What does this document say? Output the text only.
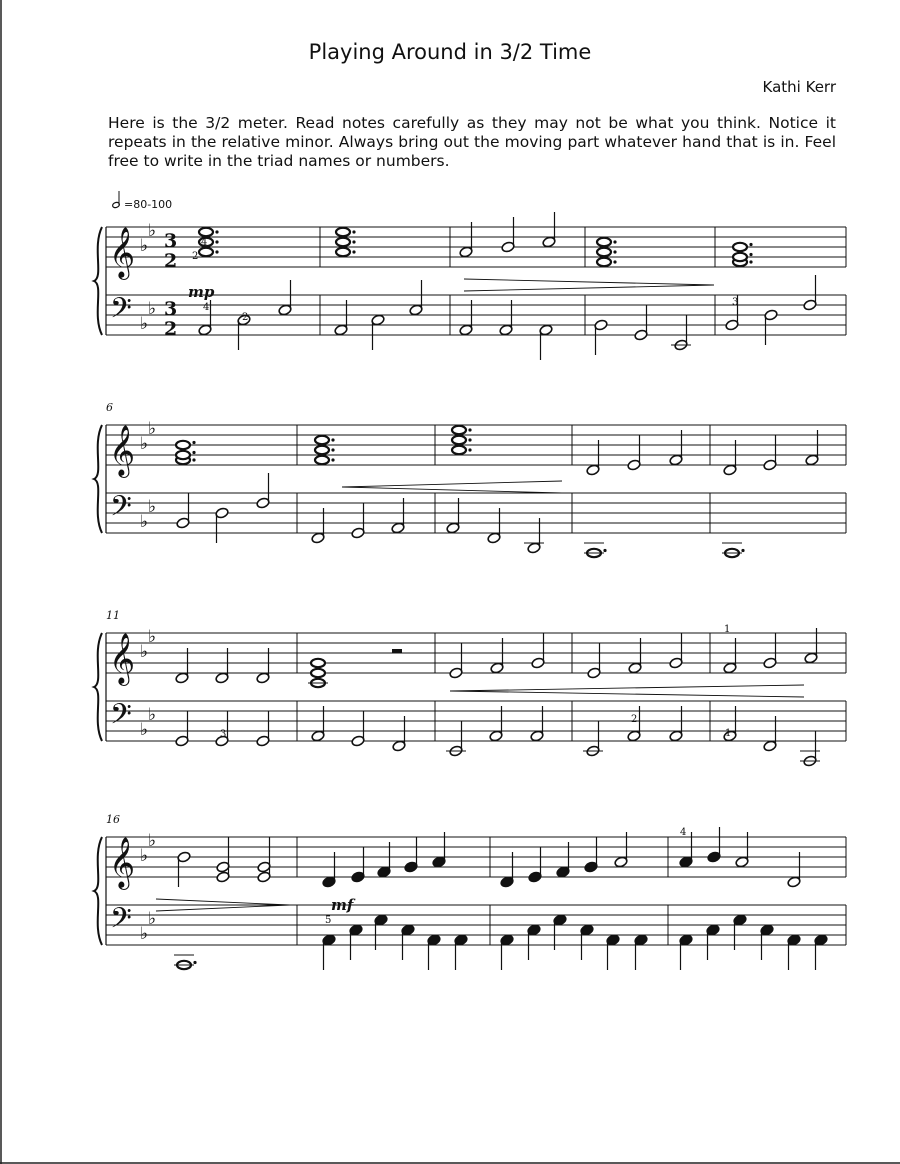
Playing Around in 3/2 Time
Kathi Kerr
Here is the 3/2 meter. Read notes carefully as they may not be what you think. Notice it repeats in the relative minor. Always bring out the moving part whatever hand that is in. Feel free to write in the triad names or numbers.
𝄞
𝄢
♭
♭
♭
♭
3
2
3
2
𝄞
𝄢
♭
♭
♭
♭
6
𝄞
𝄢
♭
♭
♭
♭
11
𝄞
𝄢
♭
♭
♭
♭
16
=80-100
4
2
mp
4
2
3
1
3
2
1
mf
4
5
